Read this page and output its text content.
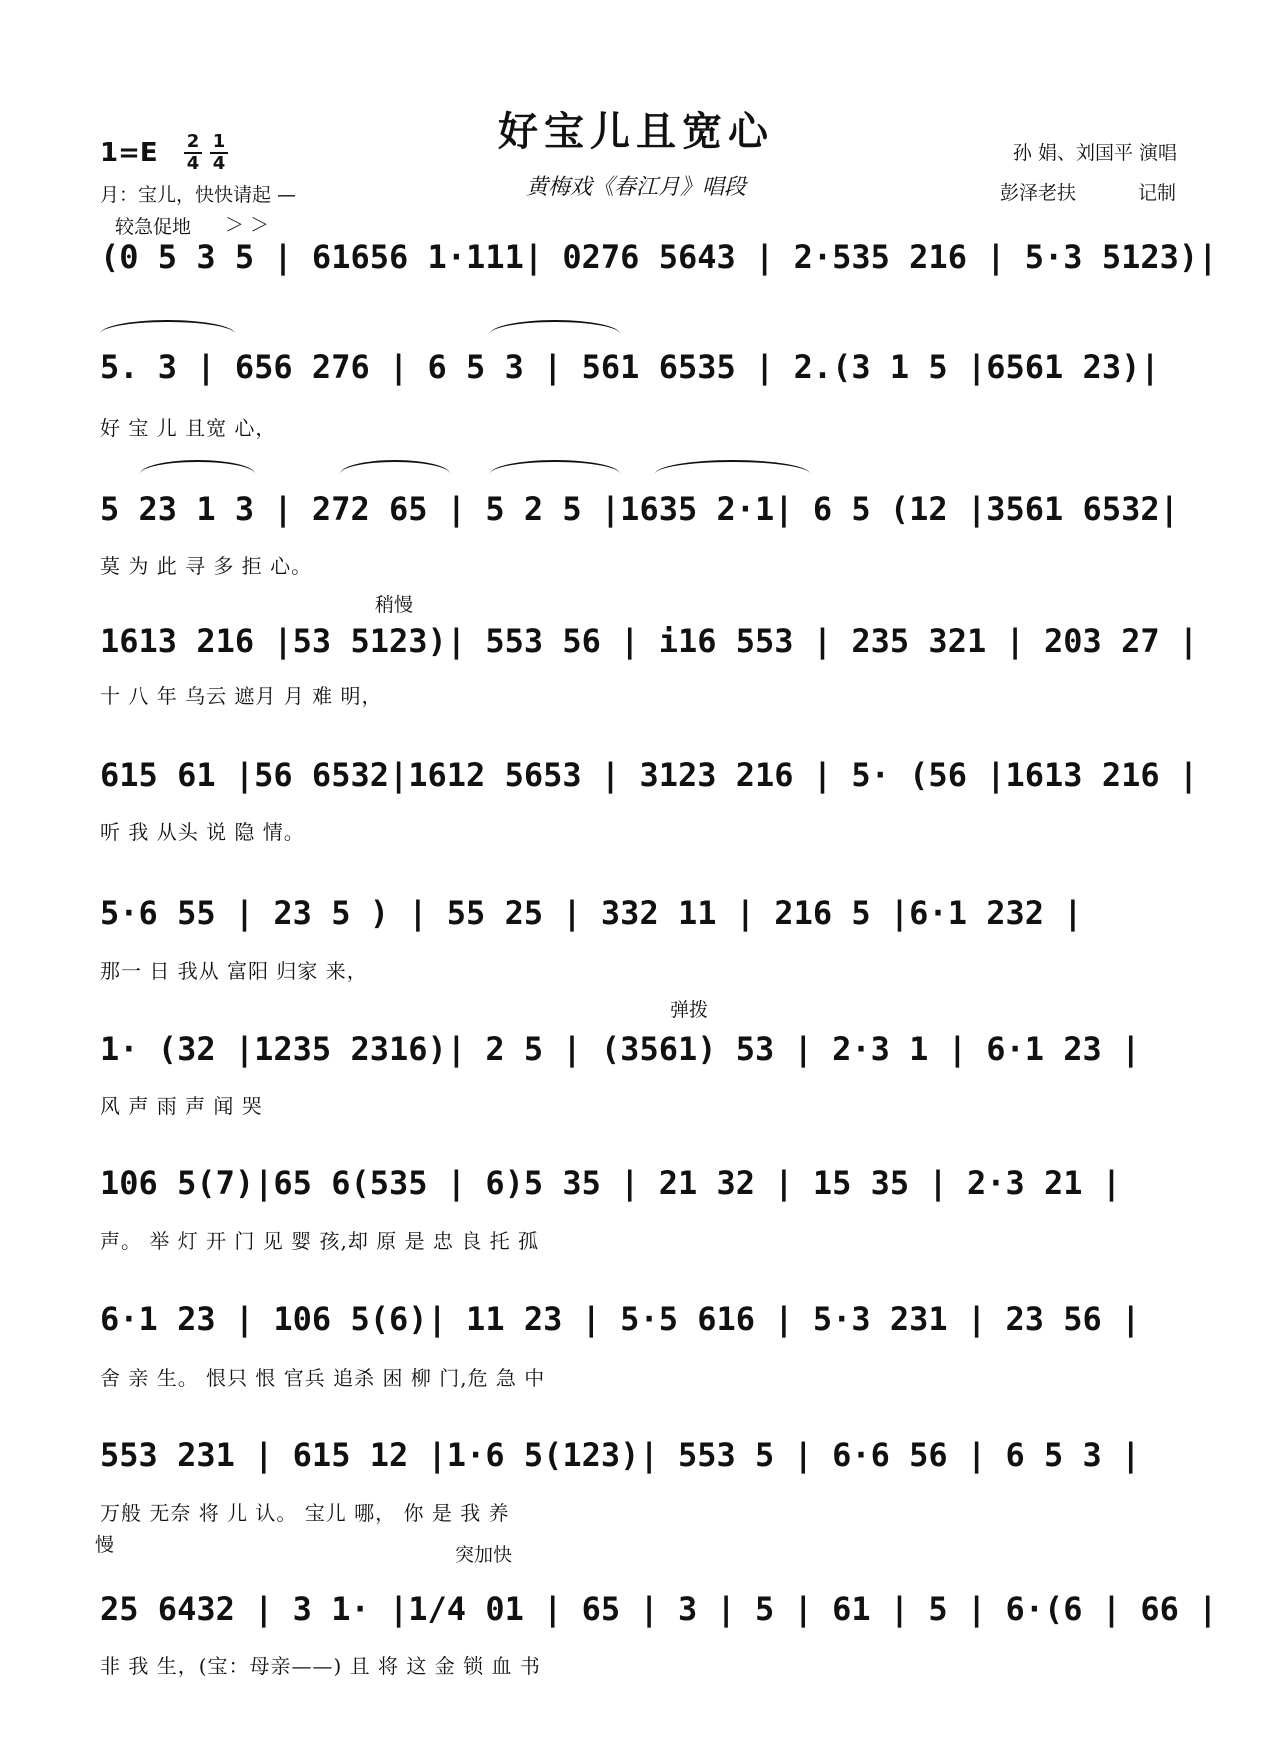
好宝儿且宽心
黄梅戏《春江月》唱段
1=E 2
4
1
4
月：宝儿，快快请起 —
孙 娟、刘国平 演唱
彭泽老扶	记制
较急促地 ＞ ＞
(0 5 3 5 | 61656 1·111| 0276 5643 | 2·535 216 | 5·3 5123)|
5. 3 | 656 276 | 6 5 3 | 561 6535 | 2.(3 1 5 |6561 23)|
好 宝 儿 且宽 心，
5 23 1 3 | 272 65 | 5 2 5 |1635 2·1| 6 5 (12 |3561 6532|
莫 为 此 寻 多 拒 心。
稍慢
1613 216 |53 5123)| 553 56 | i16 553 | 235 321 | 203 27 |
十 八 年 乌云 遮月 月 难 明，
615 61 |56 6532|1612 5653 | 3123 216 | 5· (56 |1613 216 |
听 我 从头 说 隐 情。
5·6 55 | 23 5 ) | 55 25 | 332 11 | 216 5 |6·1 232 |
那一 日 我从 富阳 归家 来，
弹拨
1· (32 |1235 2316)| 2 5 | (3561) 53 | 2·3 1 | 6·1 23 |
风 声 雨 声 闻 哭
106 5(7)|65 6(535 | 6)5 35 | 21 32 | 15 35 | 2·3 21 |
声。 举 灯 开 门 见 婴 孩,却 原 是 忠 良 托 孤
6·1 23 | 106 5(6)| 11 23 | 5·5 616 | 5·3 231 | 23 56 |
舍 亲 生。 恨只 恨 官兵 追杀 困 柳 门,危 急 中
553 231 | 615 12 |1·6 5(123)| 553 5 | 6·6 56 | 6 5 3 |
万般 无奈 将 儿 认。 宝儿 哪， 你 是 我 养
慢	突加快
25 6432 | 3 1· |1/4 01 | 65 | 3 | 5 | 61 | 5 | 6·(6 | 66 |
非 我 生，(宝：母亲——) 且 将 这 金 锁 血 书
